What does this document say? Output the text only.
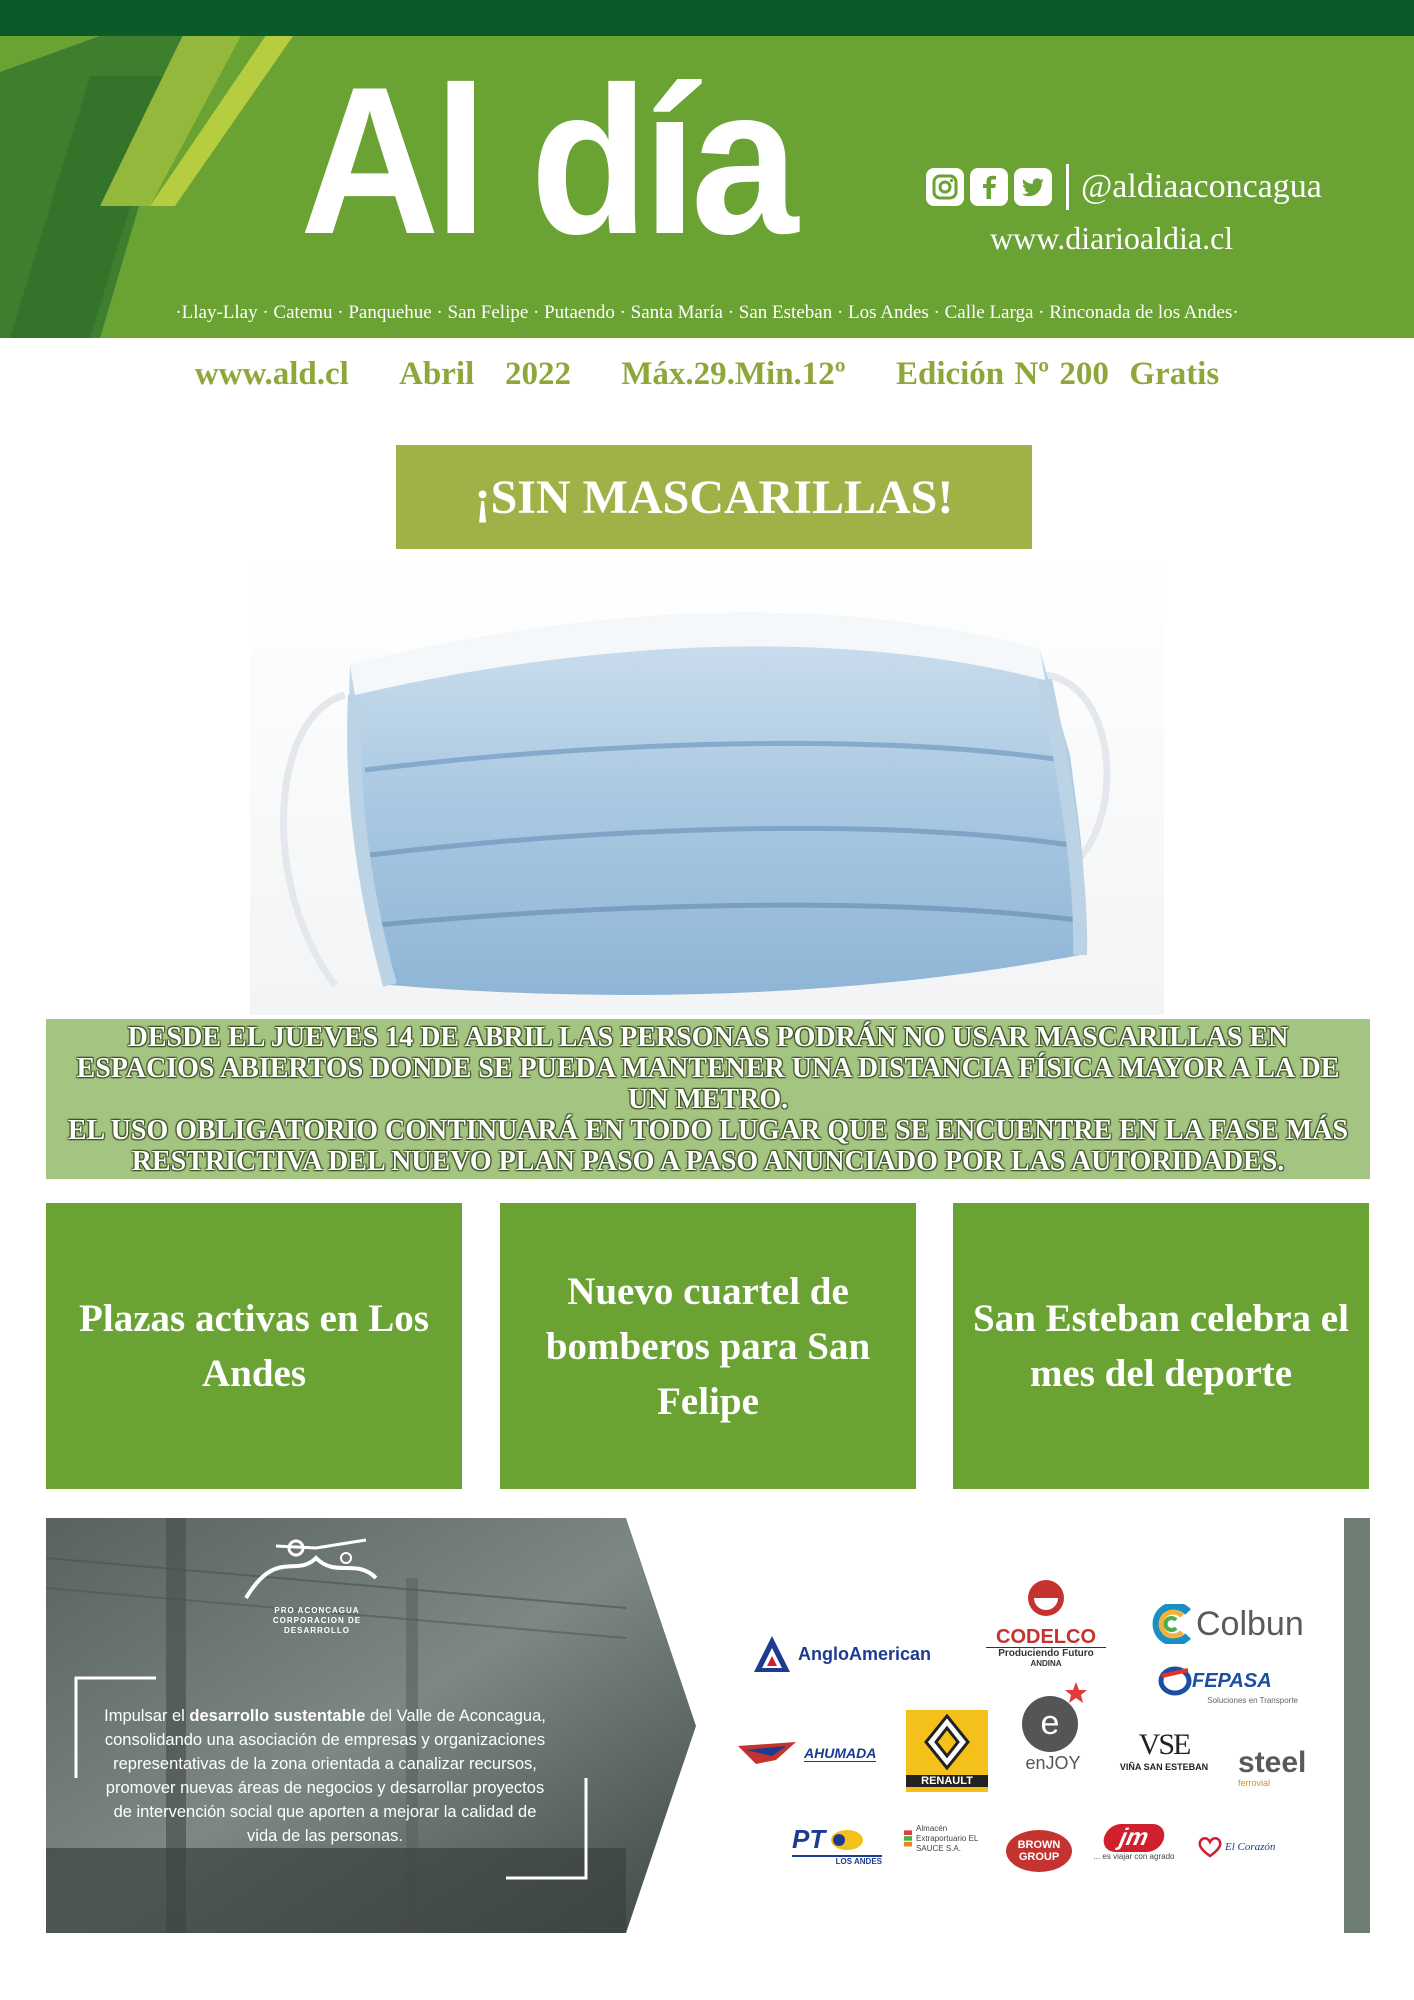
Al día	@aldiaaconcagua
www.diarioaldia.cl
·Llay-Llay · Catemu · Panquehue · San Felipe · Putaendo · Santa María · San Esteban · Los Andes · Calle Larga · Rinconada de los Andes·
www.ald.cl Abril   2022 Máx.29.Min.12º Edición Nº 200  Gratis
¡SIN MASCARILLAS!
DESDE EL JUEVES 14 DE ABRIL LAS PERSONAS PODRÁN NO USAR MASCARILLAS EN ESPACIOS ABIERTOS DONDE SE PUEDA MANTENER UNA DISTANCIA FÍSICA MAYOR A LA DE UN METRO.
EL USO OBLIGATORIO CONTINUARÁ EN TODO LUGAR QUE SE ENCUENTRE EN LA FASE MÁS RESTRICTIVA DEL NUEVO PLAN PASO A PASO ANUNCIADO POR LAS AUTORIDADES.
Plazas activas en Los Andes
Nuevo cuartel de bomberos para San Felipe
San Esteban celebra el mes del deporte
PRO ACONCAGUA
CORPORACION DE DESARROLLO
Impulsar el desarrollo sustentable del Valle de Aconcagua, consolidando una asociación de empresas y organizaciones representativas de la zona orientada a canalizar recursos, promover nuevas áreas de negocios y desarrollar proyectos de intervención social que aporten a mejorar la calidad de vida de las personas.
AngloAmerican
CODELCO
Produciendo Futuro
ANDINA
Colbun
FEPASA
Soluciones en Transporte
AHUMADA
RENAULT
e
enJOY
VSE
VIÑA SAN ESTEBAN steel
ferrovial
PT
LOS ANDES
Almacén Extraportuario EL SAUCE S.A.	BROWN GROUP
jm
... es viajar con agrado
El Corazón
